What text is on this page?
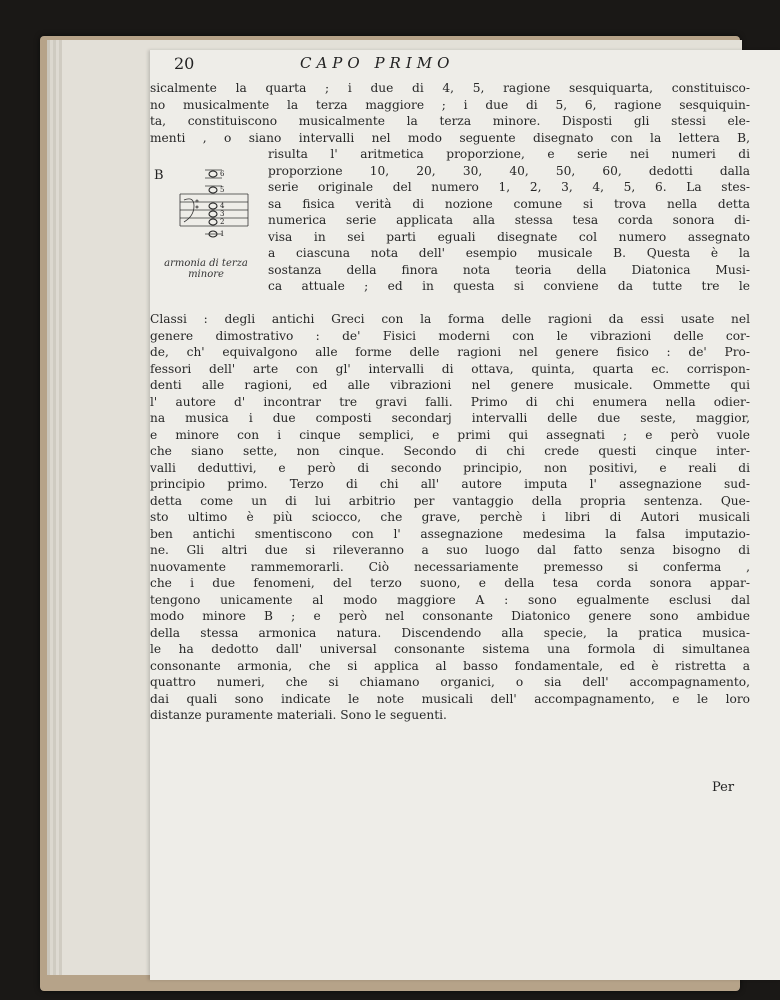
20	CAPO PRIMO
sicalmente la quarta ; i due di 4, 5, ragione sesquiquarta, constituisco-
no musicalmente la terza maggiore ; i due di 5, 6, ragione sesquiquin-
ta, constituiscono musicalmente la terza minore. Disposti gli stessi ele-
menti , o siano intervalli nel modo seguente disegnato con la lettera B,
B	6
5
4
3
2
1
armonia di terza
minore
risulta l' aritmetica proporzione, e serie nei numeri di
proporzione 10, 20, 30, 40, 50, 60, dedotti dalla
serie originale del numero 1, 2, 3, 4, 5, 6. La stes-
sa fisica verità di nozione comune si trova nella detta
numerica serie applicata alla stessa tesa corda sonora di-
visa in sei parti eguali disegnate col numero assegnato
a ciascuna nota dell' esempio musicale B. Questa è la
sostanza della finora nota teoria della Diatonica Musi-
ca attuale ; ed in questa si conviene da tutte tre le
Classi : degli antichi Greci con la forma delle ragioni da essi usate nel
genere dimostrativo : de' Fisici moderni con le vibrazioni delle cor-
de, ch' equivalgono alle forme delle ragioni nel genere fisico : de' Pro-
fessori dell' arte con gl' intervalli di ottava, quinta, quarta ec. corrispon-
denti alle ragioni, ed alle vibrazioni nel genere musicale. Ommette qui
l' autore d' incontrar tre gravi falli. Primo di chi enumera nella odier-
na musica i due composti secondarj intervalli delle due seste, maggior,
e minore con i cinque semplici, e primi qui assegnati ; e però vuole
che siano sette, non cinque. Secondo di chi crede questi cinque inter-
valli deduttivi, e però di secondo principio, non positivi, e reali di
principio primo. Terzo di chi all' autore imputa l' assegnazione sud-
detta come un di lui arbitrio per vantaggio della propria sentenza. Que-
sto ultimo è più sciocco, che grave, perchè i libri di Autori musicali
ben antichi smentiscono con l' assegnazione medesima la falsa imputazio-
ne. Gli altri due si rileveranno a suo luogo dal fatto senza bisogno di
nuovamente rammemorarli. Ciò necessariamente premesso si conferma ,
che i due fenomeni, del terzo suono, e della tesa corda sonora appar-
tengono unicamente al modo maggiore A : sono egualmente esclusi dal
modo minore B ; e però nel consonante Diatonico genere sono ambidue
della stessa armonica natura. Discendendo alla specie, la pratica musica-
le ha dedotto dall' universal consonante sistema una formola di simultanea
consonante armonia, che si applica al basso fondamentale, ed è ristretta a
quattro numeri, che si chiamano organici, o sia dell' accompagnamento,
dai quali sono indicate le note musicali dell' accompagnamento, e le loro
distanze puramente materiali. Sono le seguenti.
Per
